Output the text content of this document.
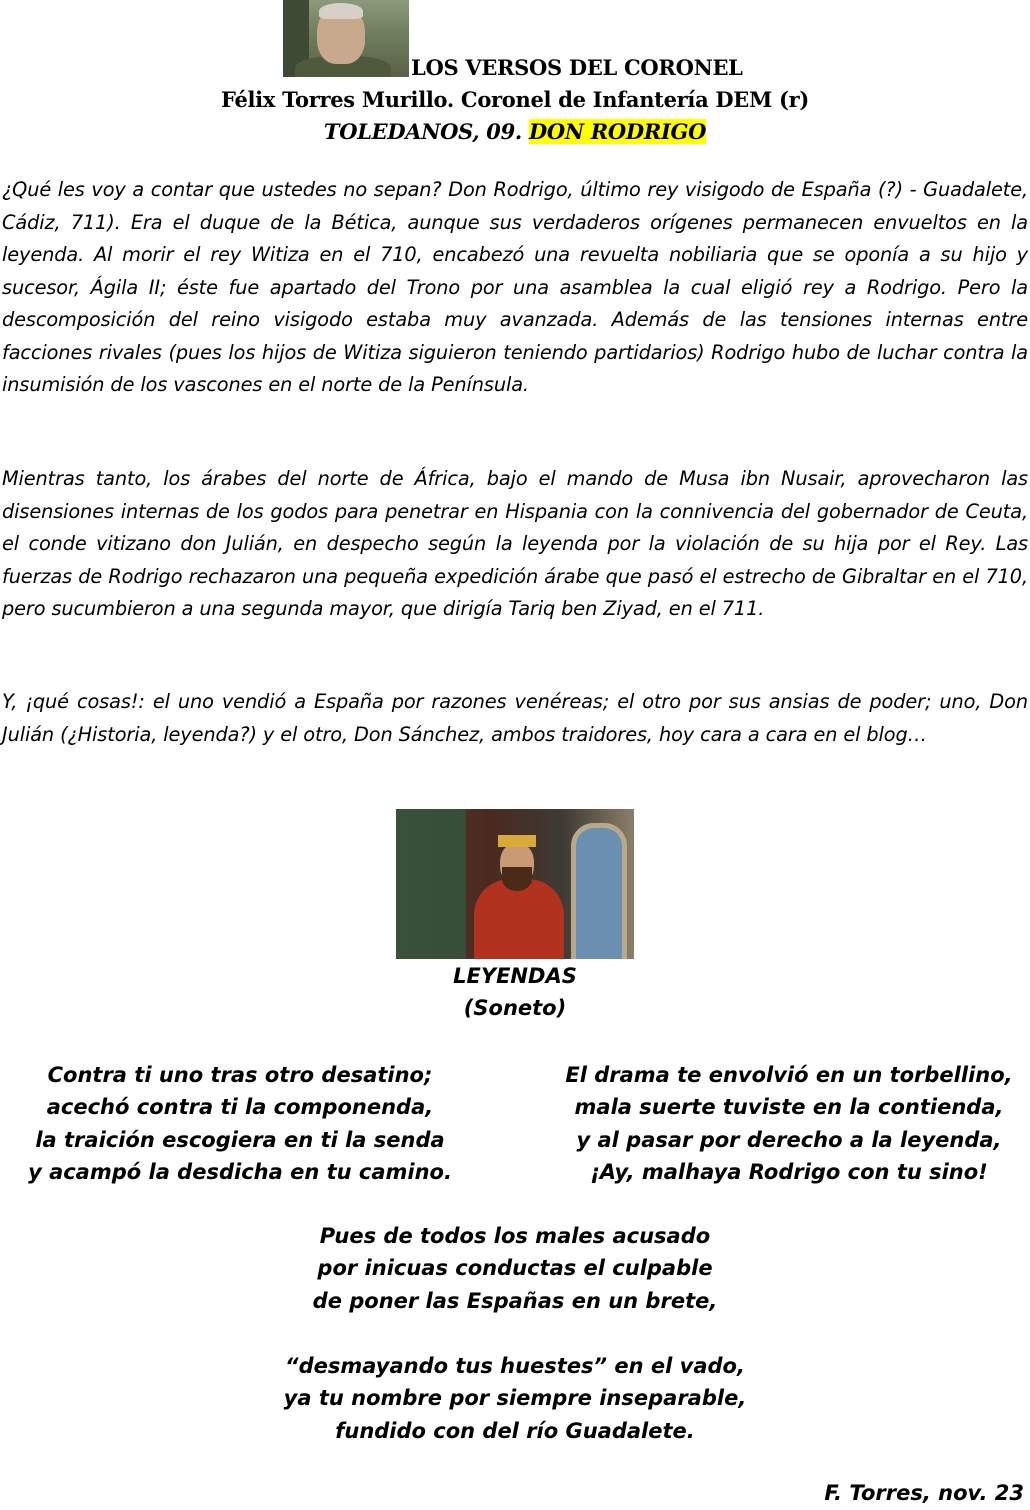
LOS VERSOS DEL CORONEL
Félix Torres Murillo. Coronel de Infantería DEM (r)
TOLEDANOS, 09. DON RODRIGO

¿Qué les voy a contar que ustedes no sepan? Don Rodrigo, último rey visigodo de España (?) - Guadalete, Cádiz, 711). Era el duque de la Bética, aunque sus verdaderos orígenes permanecen envueltos en la leyenda. Al morir el rey Witiza en el 710, encabezó una revuelta nobiliaria que se oponía a su hijo y sucesor, Ágila II; éste fue apartado del Trono por una asamblea la cual eligió rey a Rodrigo. Pero la descomposición del reino visigodo estaba muy avanzada. Además de las tensiones internas entre facciones rivales (pues los hijos de Witiza siguieron teniendo partidarios) Rodrigo hubo de luchar contra la insumisión de los vascones en el norte de la Península.

Mientras tanto, los árabes del norte de África, bajo el mando de Musa ibn Nusair, aprovecharon las disensiones internas de los godos para penetrar en Hispania con la connivencia del gobernador de Ceuta, el conde vitizano don Julián, en despecho según la leyenda por la violación de su hija por el Rey. Las fuerzas de Rodrigo rechazaron una pequeña expedición árabe que pasó el estrecho de Gibraltar en el 710, pero sucumbieron a una segunda mayor, que dirigía Tariq ben Ziyad, en el 711.

Y, ¡qué cosas!: el uno vendió a España por razones venéreas; el otro por sus ansias de poder; uno, Don Julián (¿Historia, leyenda?) y el otro, Don Sánchez, ambos traidores, hoy cara a cara en el blog…

LEYENDAS
(Soneto)
Contra ti uno tras otro desatino;
acechó contra ti la componenda,
la traición escogiera en ti la senda
y acampó la desdicha en tu camino.
El drama te envolvió en un torbellino,
mala suerte tuviste en la contienda,
y al pasar por derecho a la leyenda,
¡Ay, malhaya Rodrigo con tu sino!
Pues de todos los males acusado
por inicuas conductas el culpable
de poner las Españas en un brete,
“desmayando tus huestes” en el vado,
ya tu nombre por siempre inseparable,
fundido con del río Guadalete.
F. Torres, nov. 23
